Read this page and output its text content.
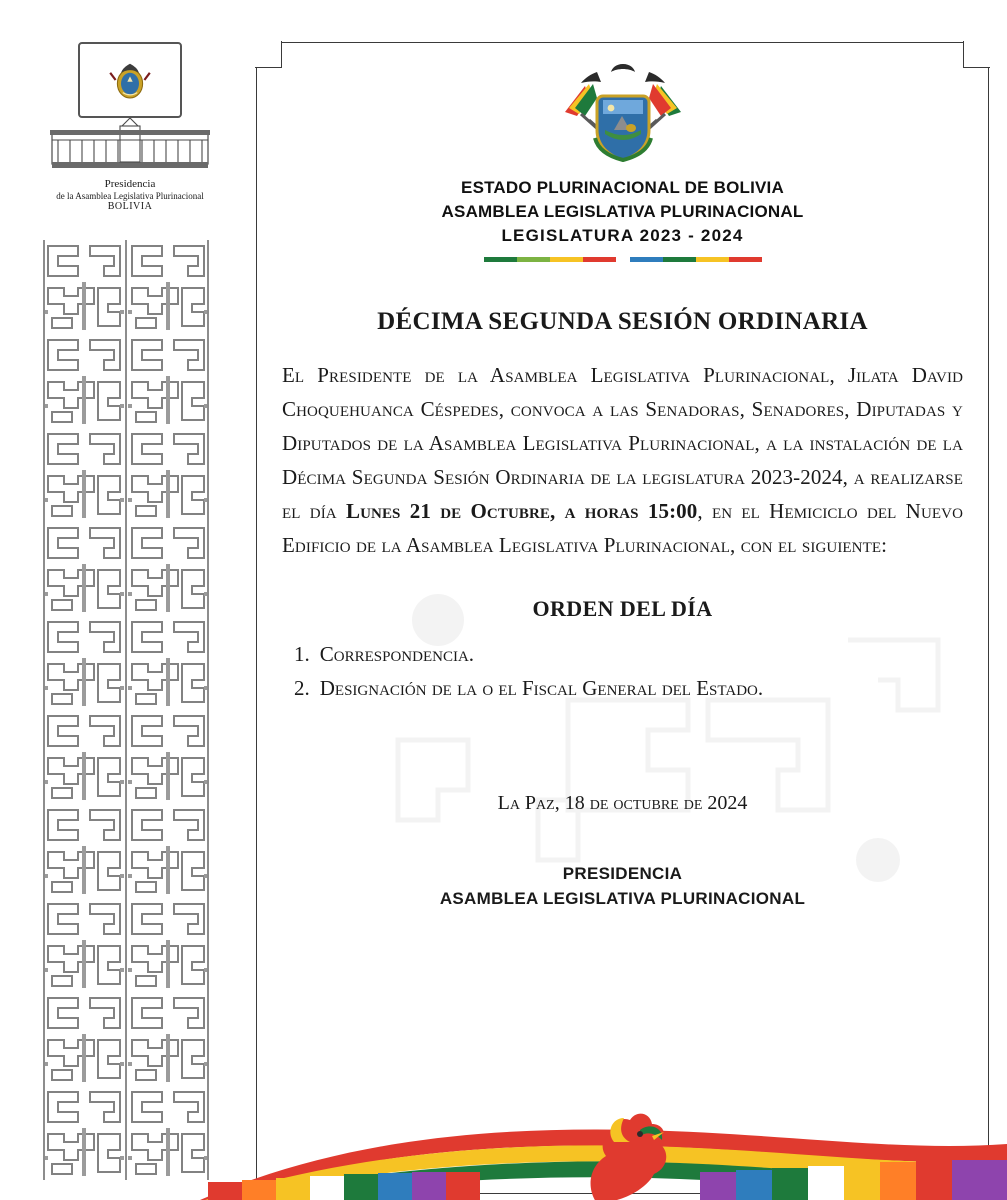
Presidencia
de la Asamblea Legislativa Plurinacional
BOLIVIA
ESTADO PLURINACIONAL DE BOLIVIA
ASAMBLEA LEGISLATIVA PLURINACIONAL
LEGISLATURA 2023 - 2024
DÉCIMA SEGUNDA SESIÓN ORDINARIA

El Presidente de la Asamblea Legislativa Plurinacional, Jilata David Choquehuanca Céspedes, convoca a las Senadoras, Senadores, Diputadas y Diputados de la Asamblea Legislativa Plurinacional, a la instalación de la Décima Segunda Sesión Ordinaria de la legislatura 2023-2024, a realizarse el día Lunes 21 de Octubre, a horas 15:00, en el Hemiciclo del Nuevo Edificio de la Asamblea Legislativa Plurinacional, con el siguiente:

ORDEN DEL DÍA
1. Correspondencia.
2. Designación de la o el Fiscal General del Estado.
La Paz, 18 de octubre de 2024
PRESIDENCIA
ASAMBLEA LEGISLATIVA PLURINACIONAL
